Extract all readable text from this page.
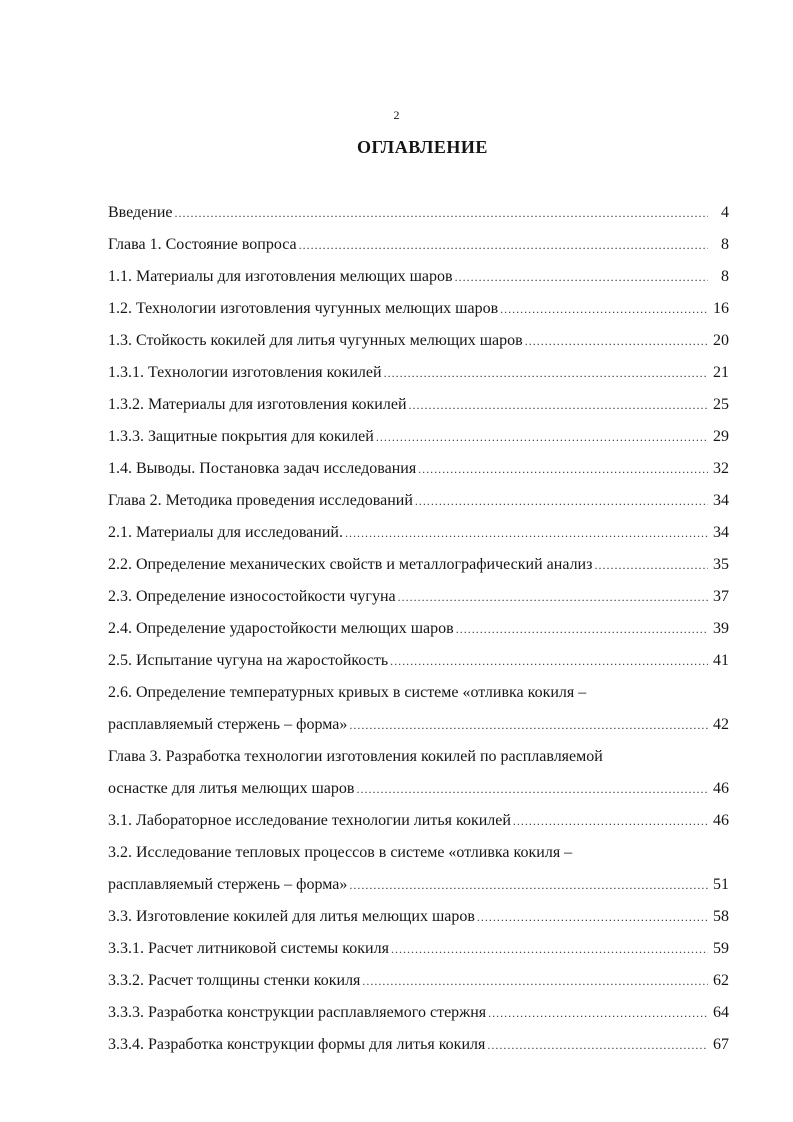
2
ОГЛАВЛЕНИЕ
Введение .....	4
Глава 1. Состояние вопроса .....	8
1.1. Материалы для изготовления мелющих шаров .....	8
1.2. Технологии изготовления чугунных мелющих шаров .....	16
1.3. Стойкость кокилей для литья чугунных мелющих шаров .....	20
1.3.1. Технологии изготовления кокилей .....	21
1.3.2. Материалы для изготовления кокилей .....	25
1.3.3. Защитные покрытия для кокилей .....	29
1.4. Выводы. Постановка задач исследования .....	32
Глава 2. Методика проведения исследований .....	34
2.1. Материалы для исследований. .....	34
2.2. Определение механических свойств и металлографический анализ .....	35
2.3. Определение износостойкости чугуна .....	37
2.4. Определение ударостойкости мелющих шаров .....	39
2.5. Испытание чугуна на жаростойкость .....	41
2.6. Определение температурных кривых в системе «отливка кокиля –
расплавляемый стержень – форма» .....	42
Глава 3. Разработка технологии изготовления кокилей по расплавляемой
оснастке для литья мелющих шаров .....	46
3.1. Лабораторное исследование технологии литья кокилей .....	46
3.2. Исследование тепловых процессов в системе «отливка кокиля –
расплавляемый стержень – форма» .....	51
3.3. Изготовление кокилей для литья мелющих шаров .....	58
3.3.1. Расчет литниковой системы кокиля .....	59
3.3.2. Расчет толщины стенки кокиля .....	62
3.3.3. Разработка конструкции расплавляемого стержня .....	64
3.3.4. Разработка конструкции формы для литья кокиля .....	67
